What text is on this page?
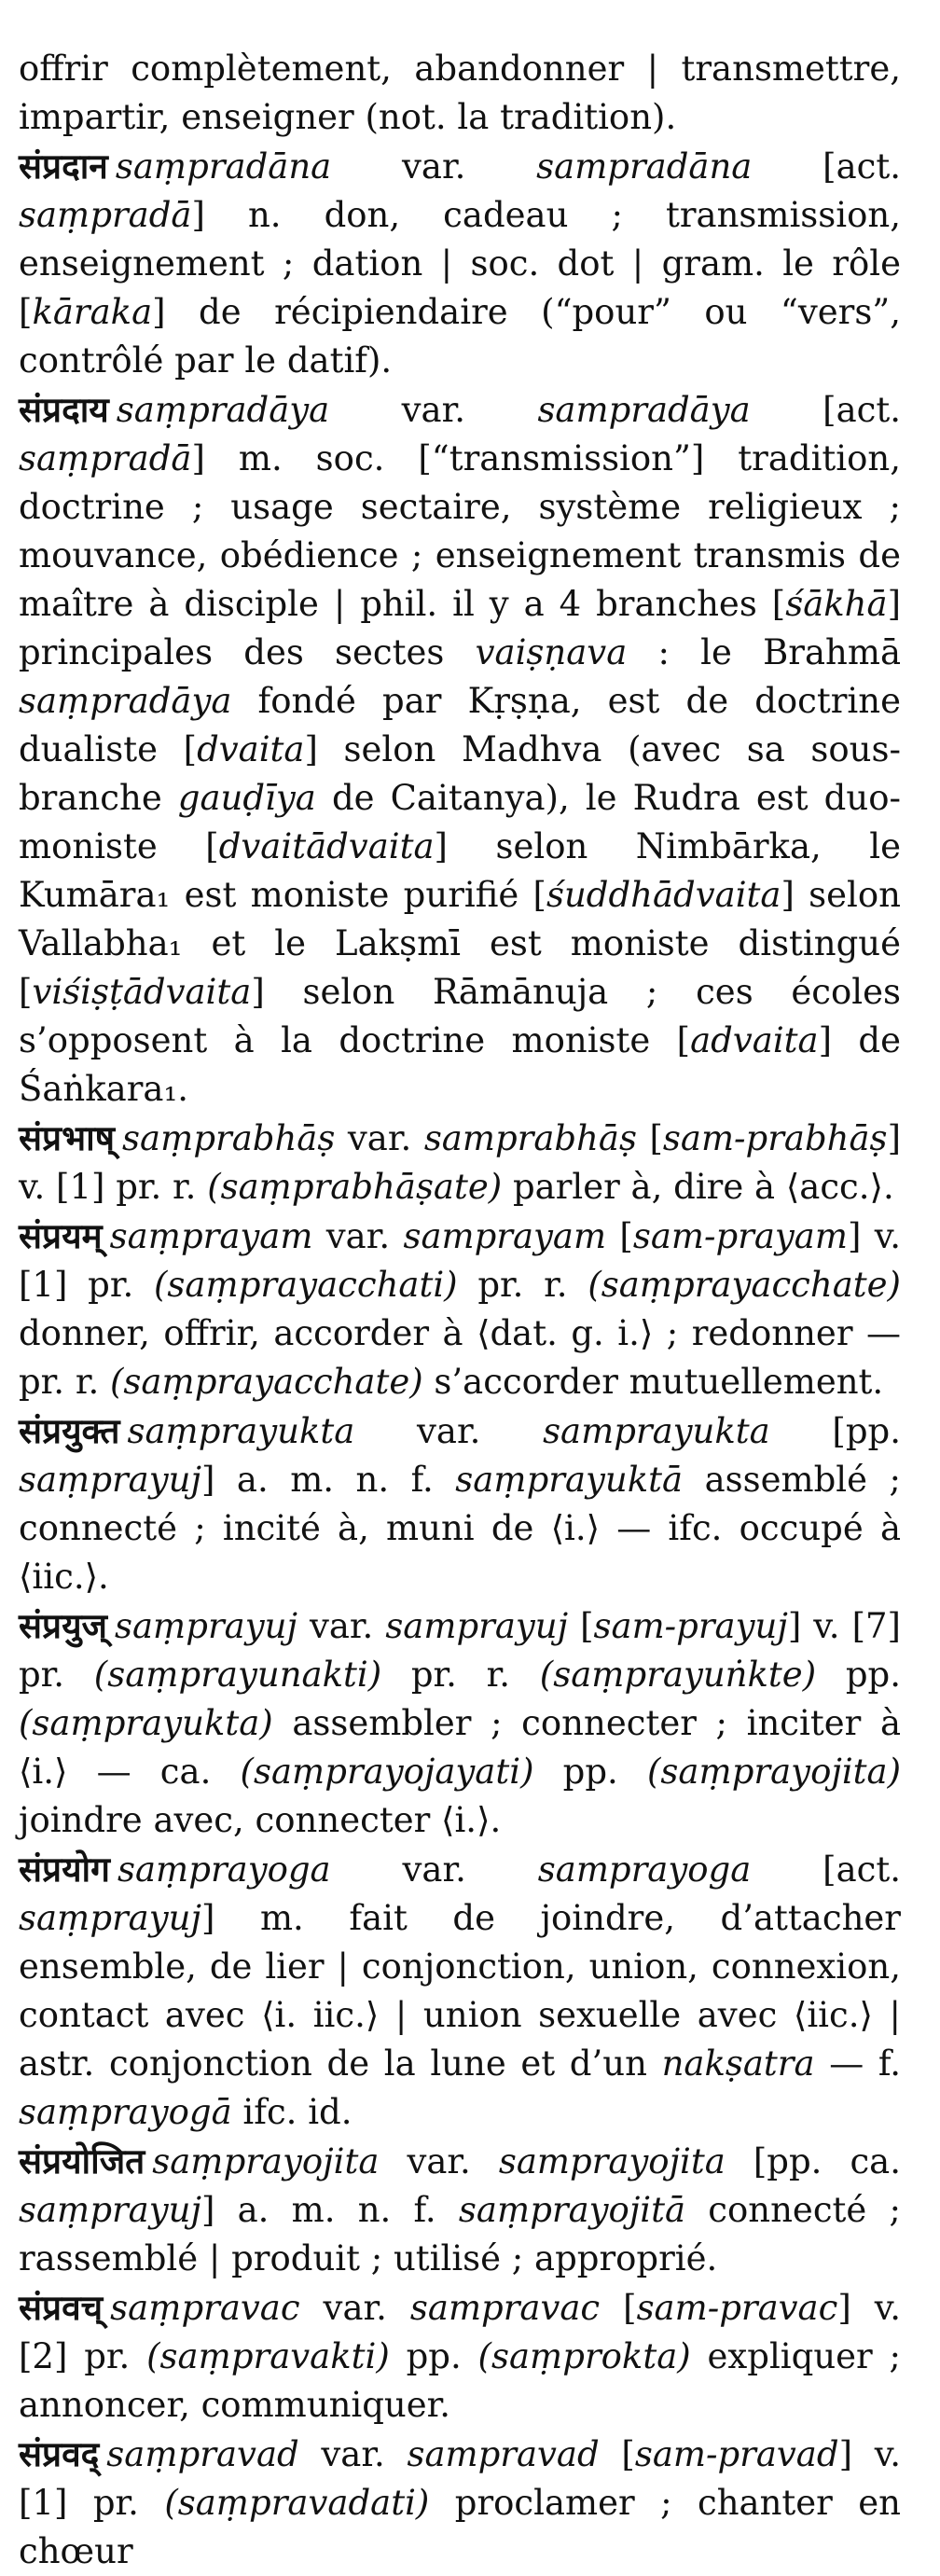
offrir complètement, abandonner | transmettre, impartir, enseigner (not. la tradition).

संप्रदान saṃpradāna var. sampradāna [act. saṃpradā] n. don, cadeau ; transmission, enseignement ; dation | soc. dot | gram. le rôle [kāraka] de récipiendaire (“pour” ou “vers”, contrôlé par le datif).

संप्रदाय saṃpradāya var. sampradāya [act. saṃpradā] m. soc. [“transmission”] tradition, doctrine ; usage sectaire, système religieux ; mouvance, obédience ; enseignement transmis de maître à disciple | phil. il y a 4 branches [śākhā] principales des sectes vaiṣṇava : le Brahmā saṃpradāya fondé par Kṛṣṇa, est de doctrine dualiste [dvaita] selon Madhva (avec sa sous-branche gauḍīya de Caitanya), le Rudra est duo-moniste [dvaitādvaita] selon Nimbārka, le Kumāra₁ est moniste purifié [śuddhādvaita] selon Vallabha₁ et le Lakṣmī est moniste distingué [viśiṣṭādvaita] selon Rāmānuja ; ces écoles s’opposent à la doctrine moniste [advaita] de Śaṅkara₁.

संप्रभाष् saṃprabhāṣ var. samprabhāṣ [sam-prabhāṣ] v. [1] pr. r. (saṃprabhāṣate) parler à, dire à ⟨acc.⟩.

संप्रयम् saṃprayam var. samprayam [sam-prayam] v. [1] pr. (saṃprayacchati) pr. r. (saṃprayacchate) donner, offrir, accorder à ⟨dat. g. i.⟩ ; redonner — pr. r. (saṃprayacchate) s’accorder mutuellement.

संप्रयुक्त saṃprayukta var. samprayukta [pp. saṃprayuj] a. m. n. f. saṃprayuktā assemblé ; connecté ; incité à, muni de ⟨i.⟩ — ifc. occupé à ⟨iic.⟩.

संप्रयुज् saṃprayuj var. samprayuj [sam-prayuj] v. [7] pr. (saṃprayunakti) pr. r. (saṃprayuṅkte) pp. (saṃprayukta) assembler ; connecter ; inciter à ⟨i.⟩ — ca. (saṃprayojayati) pp. (saṃprayojita) joindre avec, connecter ⟨i.⟩.

संप्रयोग saṃprayoga var. samprayoga [act. saṃprayuj] m. fait de joindre, d’attacher ensemble, de lier | conjonction, union, connexion, contact avec ⟨i. iic.⟩ | union sexuelle avec ⟨iic.⟩ | astr. conjonction de la lune et d’un nakṣatra — f. saṃprayogā ifc. id.

संप्रयोजित saṃprayojita var. samprayojita [pp. ca. saṃprayuj] a. m. n. f. saṃprayojitā connecté ; rassemblé | produit ; utilisé ; approprié.

संप्रवच् saṃpravac var. sampravac [sam-pravac] v. [2] pr. (saṃpravakti) pp. (saṃprokta) expliquer ; annoncer, communiquer.

संप्रवद् saṃpravad var. sampravad [sam-pravad] v. [1] pr. (saṃpravadati) proclamer ; chanter en chœur
